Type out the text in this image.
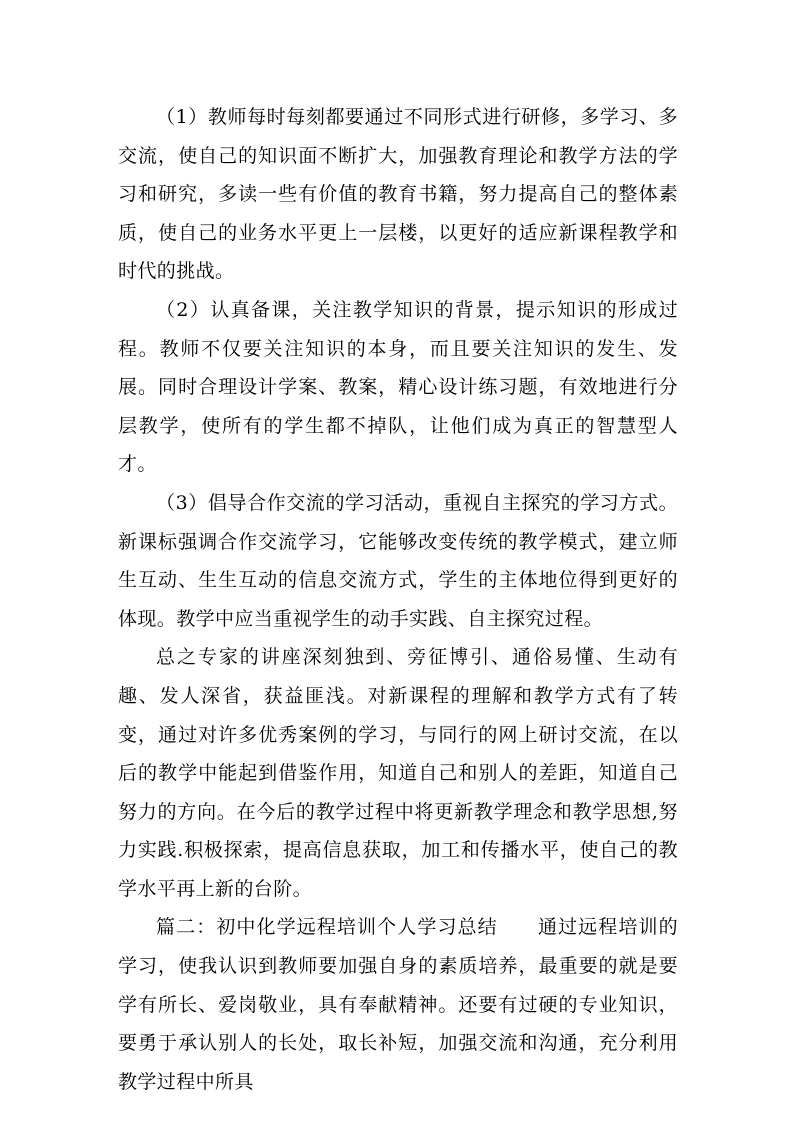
（1）教师每时每刻都要通过不同形式进行研修，多学习、多交流，使自己的知识面不断扩大，加强教育理论和教学方法的学习和研究，多读一些有价值的教育书籍，努力提高自己的整体素质，使自己的业务水平更上一层楼，以更好的适应新课程教学和时代的挑战。

（2）认真备课，关注教学知识的背景，提示知识的形成过程。教师不仅要关注知识的本身，而且要关注知识的发生、发展。同时合理设计学案、教案，精心设计练习题，有效地进行分层教学，使所有的学生都不掉队，让他们成为真正的智慧型人才。

（3）倡导合作交流的学习活动，重视自主探究的学习方式。新课标强调合作交流学习，它能够改变传统的教学模式，建立师生互动、生生互动的信息交流方式，学生的主体地位得到更好的体现。教学中应当重视学生的动手实践、自主探究过程。

总之专家的讲座深刻独到、旁征博引、通俗易懂、生动有趣、发人深省，获益匪浅。对新课程的理解和教学方式有了转变，通过对许多优秀案例的学习，与同行的网上研讨交流，在以后的教学中能起到借鉴作用，知道自己和别人的差距，知道自己努力的方向。在今后的教学过程中将更新教学理念和教学思想,努力实践.积极探索，提高信息获取，加工和传播水平，使自己的教学水平再上新的台阶。

篇二：初中化学远程培训个人学习总结　　通过远程培训的学习，使我认识到教师要加强自身的素质培养，最重要的就是要学有所长、爱岗敬业，具有奉献精神。还要有过硬的专业知识，要勇于承认别人的长处，取长补短，加强交流和沟通，充分利用教学过程中所具
